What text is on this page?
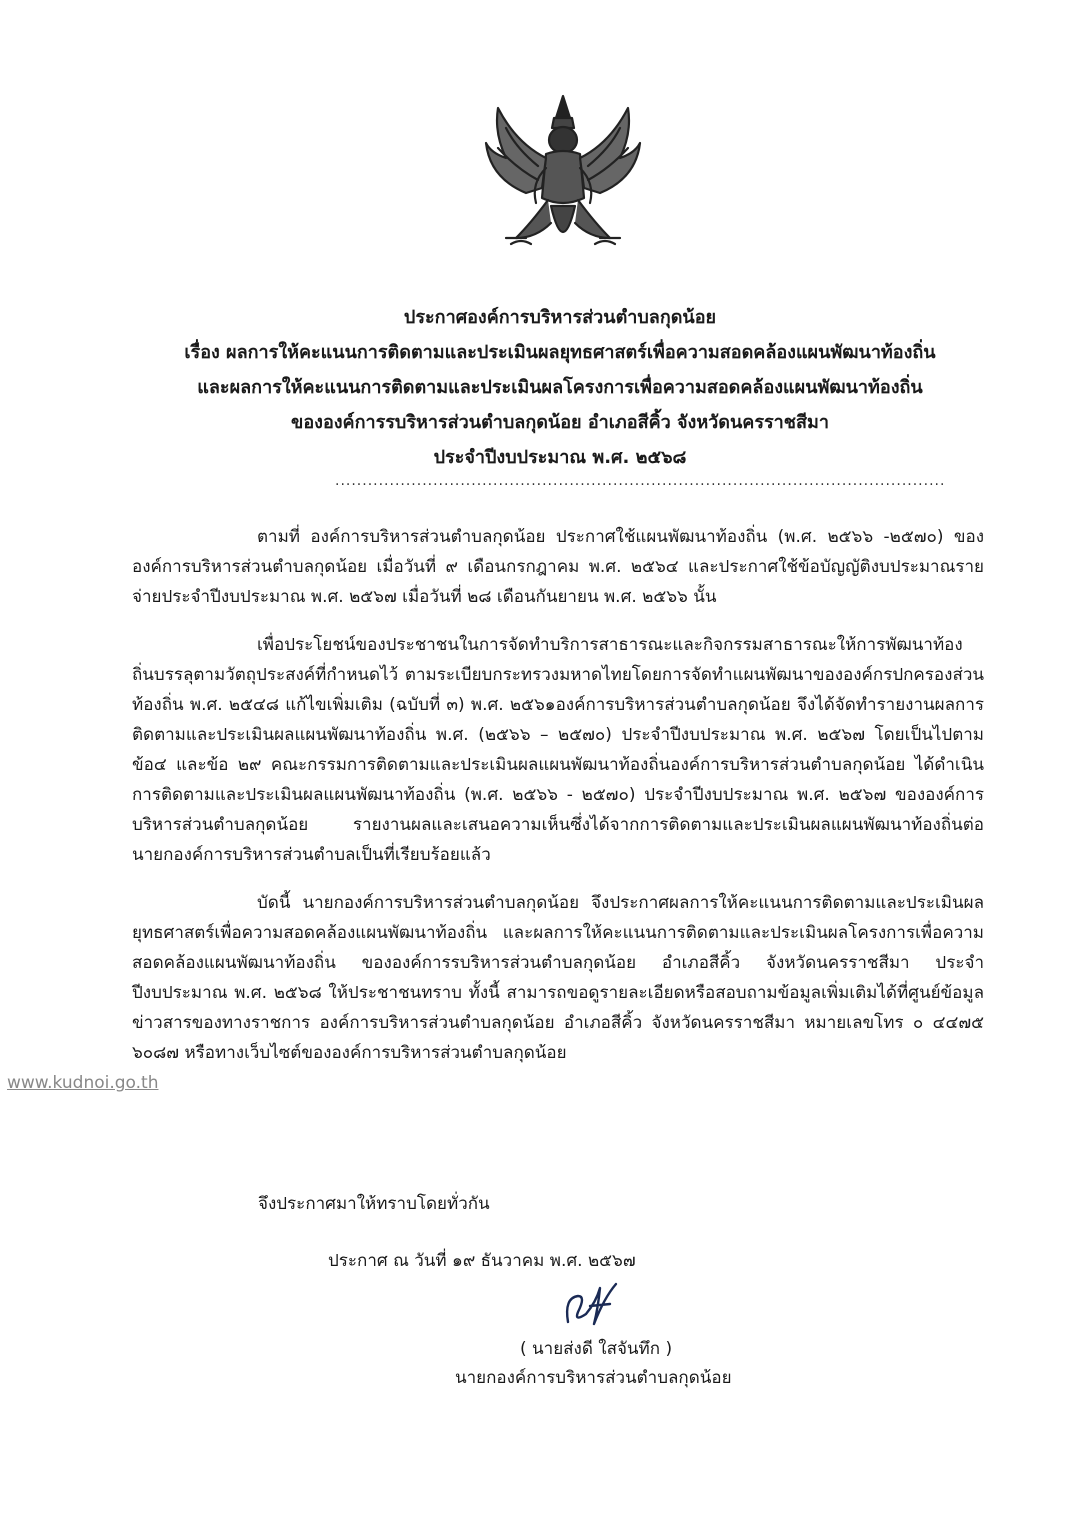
ประกาศองค์การบริหารส่วนตำบลกุดน้อย
เรื่อง ผลการให้คะแนนการติดตามและประเมินผลยุทธศาสตร์เพื่อความสอดคล้องแผนพัฒนาท้องถิ่น
และผลการให้คะแนนการติดตามและประเมินผลโครงการเพื่อความสอดคล้องแผนพัฒนาท้องถิ่น
ขององค์การรบริหารส่วนตำบลกุดน้อย อำเภอสีคิ้ว จังหวัดนครราชสีมา
ประจำปีงบประมาณ พ.ศ. ๒๕๖๘
................................................................................................................

ตามที่ องค์การบริหารส่วนตำบลกุดน้อย ประกาศใช้แผนพัฒนาท้องถิ่น (พ.ศ. ๒๕๖๖ -๒๕๗๐) ขององค์การบริหารส่วนตำบลกุดน้อย เมื่อวันที่ ๙ เดือนกรกฎาคม พ.ศ. ๒๕๖๔ และประกาศใช้ข้อบัญญัติงบประมาณรายจ่ายประจำปีงบประมาณ พ.ศ. ๒๕๖๗ เมื่อวันที่ ๒๘ เดือนกันยายน พ.ศ. ๒๕๖๖ นั้น

เพื่อประโยชน์ของประชาชนในการจัดทำบริการสาธารณะและกิจกรรมสาธารณะให้การพัฒนาท้องถิ่นบรรลุตามวัตถุประสงค์ที่กำหนดไว้ ตามระเบียบกระทรวงมหาดไทยโดยการจัดทำแผนพัฒนาขององค์กรปกครองส่วนท้องถิ่น พ.ศ. ๒๕๔๘ แก้ไขเพิ่มเติม (ฉบับที่ ๓) พ.ศ. ๒๕๖๑องค์การบริหารส่วนตำบลกุดน้อย จึงได้จัดทำรายงานผลการติดตามและประเมินผลแผนพัฒนาท้องถิ่น พ.ศ. (๒๕๖๖ – ๒๕๗๐) ประจำปีงบประมาณ พ.ศ. ๒๕๖๗ โดยเป็นไปตามข้อ๔ และข้อ ๒๙ คณะกรรมการติดตามและประเมินผลแผนพัฒนาท้องถิ่นองค์การบริหารส่วนตำบลกุดน้อย ได้ดำเนินการติดตามและประเมินผลแผนพัฒนาท้องถิ่น (พ.ศ. ๒๕๖๖ - ๒๕๗๐) ประจำปีงบประมาณ พ.ศ. ๒๕๖๗ ขององค์การบริหารส่วนตำบลกุดน้อย รายงานผลและเสนอความเห็นซึ่งได้จากการติดตามและประเมินผลแผนพัฒนาท้องถิ่นต่อนายกองค์การบริหารส่วนตำบลเป็นที่เรียบร้อยแล้ว

บัดนี้ นายกองค์การบริหารส่วนตำบลกุดน้อย จึงประกาศผลการให้คะแนนการติดตามและประเมินผลยุทธศาสตร์เพื่อความสอดคล้องแผนพัฒนาท้องถิ่น และผลการให้คะแนนการติดตามและประเมินผลโครงการเพื่อความสอดคล้องแผนพัฒนาท้องถิ่น ขององค์การรบริหารส่วนตำบลกุดน้อย อำเภอสีคิ้ว จังหวัดนครราชสีมา ประจำปีงบประมาณ พ.ศ. ๒๕๖๘ ให้ประชาชนทราบ ทั้งนี้ สามารถขอดูรายละเอียดหรือสอบถามข้อมูลเพิ่มเติมได้ที่ศูนย์ข้อมูลข่าวสารของทางราชการ องค์การบริหารส่วนตำบลกุดน้อย อำเภอสีคิ้ว จังหวัดนครราชสีมา หมายเลขโทร ๐ ๔๔๗๕ ๖๐๘๗ หรือทางเว็บไซต์ขององค์การบริหารส่วนตำบลกุดน้อย
www.kudnoi.go.th

จึงประกาศมาให้ทราบโดยทั่วกัน
ประกาศ ณ วันที่ ๑๙ ธันวาคม พ.ศ. ๒๕๖๗
( นายส่งดี ใสจันทึก )
นายกองค์การบริหารส่วนตำบลกุดน้อย
